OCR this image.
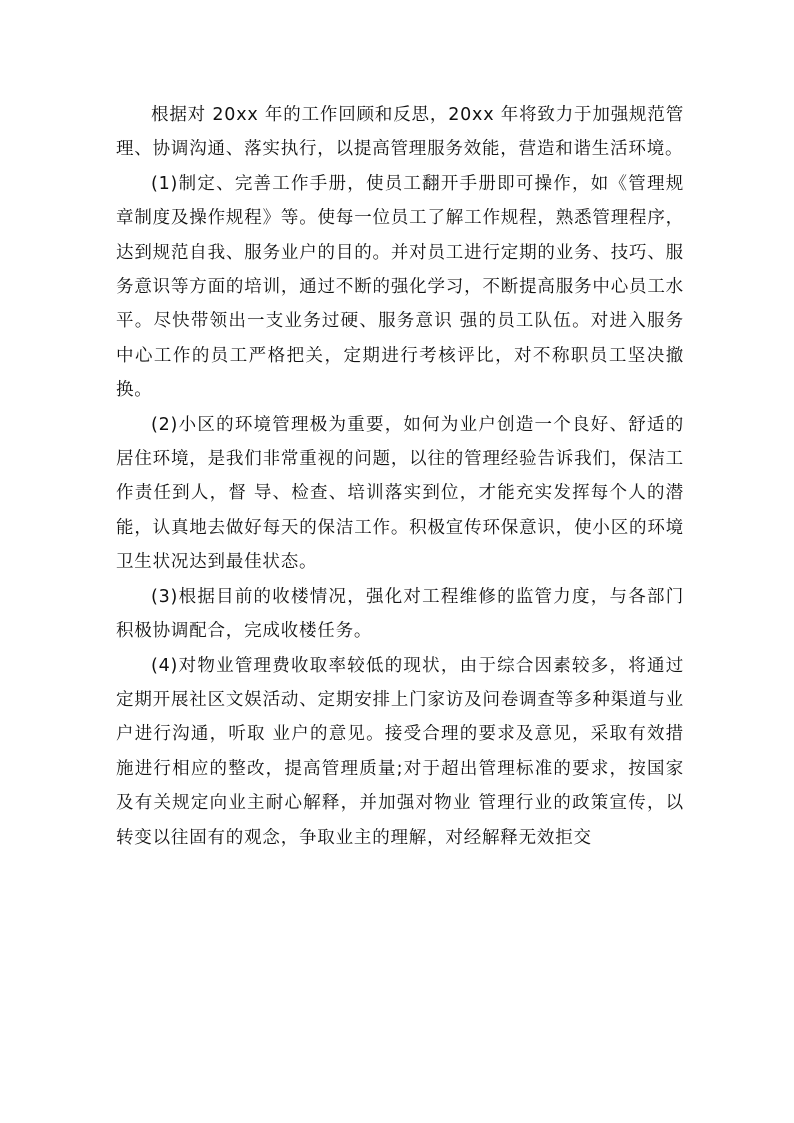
根据对 20xx 年的工作回顾和反思，20xx 年将致力于加强规范管理、协调沟通、落实执行，以提高管理服务效能，营造和谐生活环境。

(1)制定、完善工作手册，使员工翻开手册即可操作，如《管理规章制度及操作规程》等。使每一位员工了解工作规程，熟悉管理程序，达到规范自我、服务业户的目的。并对员工进行定期的业务、技巧、服务意识等方面的培训，通过不断的强化学习，不断提高服务中心员工水平。尽快带领出一支业务过硬、服务意识 强的员工队伍。对进入服务中心工作的员工严格把关，定期进行考核评比，对不称职员工坚决撤换。

(2)小区的环境管理极为重要，如何为业户创造一个良好、舒适的居住环境，是我们非常重视的问题，以往的管理经验告诉我们，保洁工作责任到人，督 导、检查、培训落实到位，才能充实发挥每个人的潜能，认真地去做好每天的保洁工作。积极宣传环保意识，使小区的环境卫生状况达到最佳状态。

(3)根据目前的收楼情况，强化对工程维修的监管力度，与各部门积极协调配合，完成收楼任务。

(4)对物业管理费收取率较低的现状，由于综合因素较多，将通过定期开展社区文娱活动、定期安排上门家访及问卷调查等多种渠道与业户进行沟通，听取 业户的意见。接受合理的要求及意见，采取有效措施进行相应的整改，提高管理质量;对于超出管理标准的要求，按国家及有关规定向业主耐心解释，并加强对物业 管理行业的政策宣传，以转变以往固有的观念，争取业主的理解，对经解释无效拒交
